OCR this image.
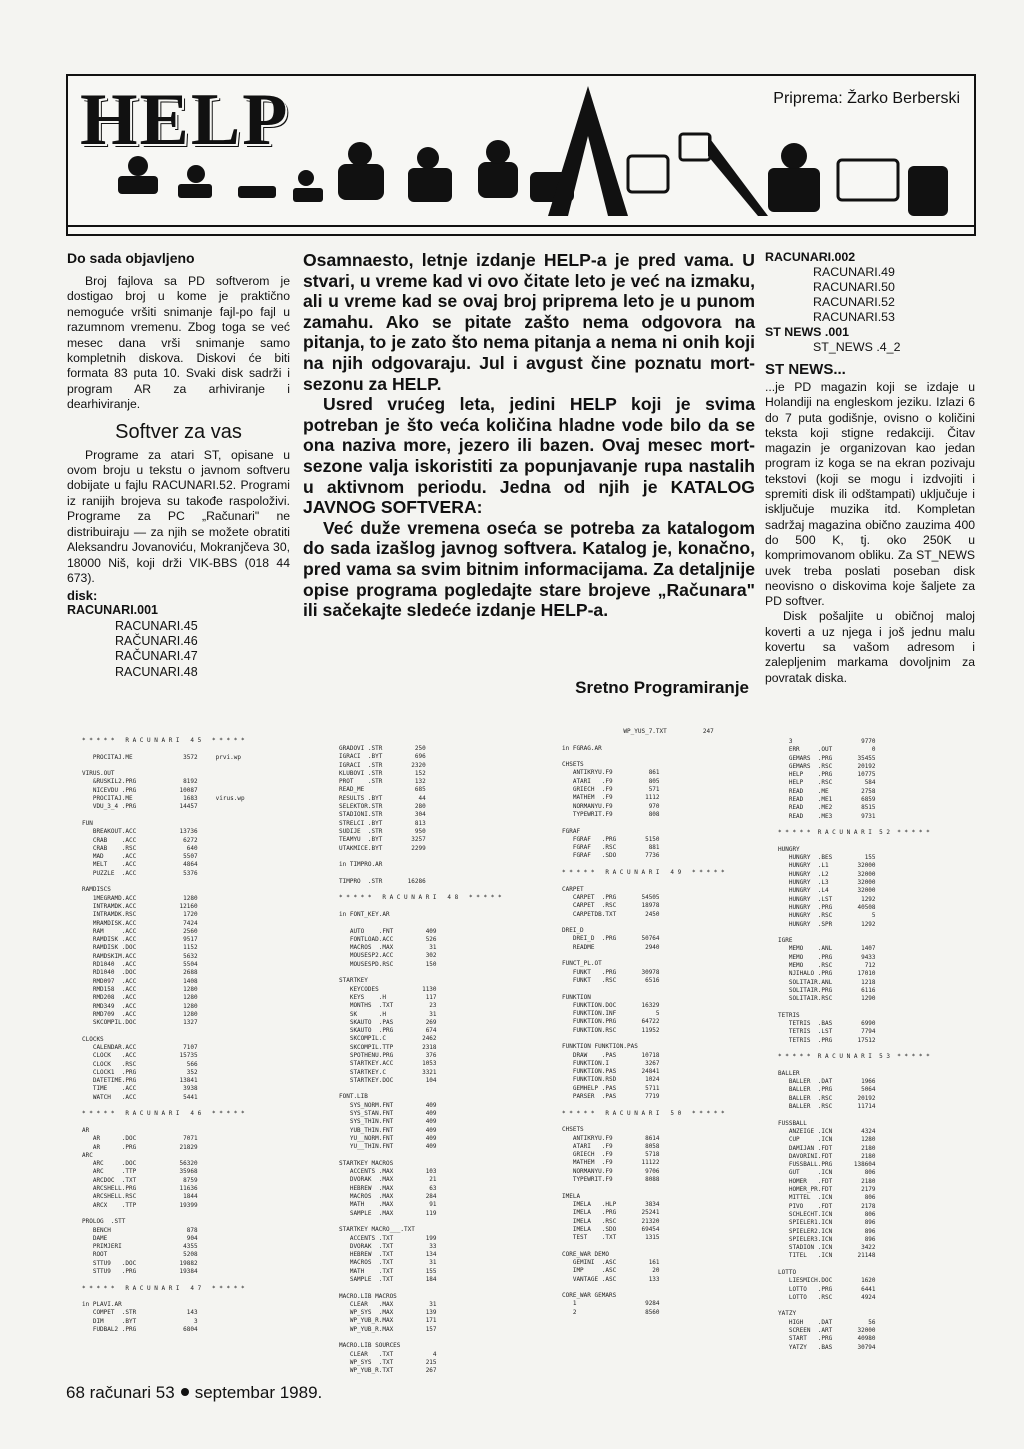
HELP	Priprema: Žarko Berberski
Do sada objavljeno

Broj fajlova sa PD softverom je dostigao broj u kome je praktično nemoguće vršiti snimanje fajl-po fajl u razumnom vremenu. Zbog toga se već mesec dana vrši snimanje samo kompletnih diskova. Diskovi će biti formata 83 puta 10. Svaki disk sadrži i program AR za arhiviranje i dearhiviranje.

Softver za vas

Programe za atari ST, opisane u ovom broju u tekstu o javnom softveru dobijate u fajlu RACUNARI.52. Programi iz ranijih brojeva su takođe raspoloživi. Programe za PC „Računari" ne distribuiraju — za njih se možete obratiti Aleksandru Jovanoviću, Mokranjčeva 30, 18000 Niš, koji drži VIK-BBS (018 44 673).

disk:
RACUNARI.001
RACUNARI.45
RAČUNARI.46
RAČUNARI.47
RACUNARI.48

Osamnaesto, letnje izdanje HELP-a je pred vama. U stvari, u vreme kad vi ovo čitate leto je već na izmaku, ali u vreme kad se ovaj broj priprema leto je u punom zamahu. Ako se pitate zašto nema odgovora na pitanja, to je zato što nema pitanja a nema ni onih koji na njih odgovaraju. Jul i avgust čine poznatu mort-sezonu za HELP.

Usred vrućeg leta, jedini HELP koji je svima potreban je što veća količina hladne vode bilo da se ona naziva more, jezero ili bazen. Ovaj mesec mort-sezone valja iskoristiti za popunjavanje rupa nastalih u aktivnom periodu. Jedna od njih je KATALOG JAVNOG SOFTVERA:

Već duže vremena oseća se potreba za katalogom do sada izašlog javnog softvera. Katalog je, konačno, pred vama sa svim bitnim informacijama. Za detaljnije opise programa pogledajte stare brojeve „Računara" ili sačekajte sledeće izdanje HELP-a.

Sretno Programiranje
RACUNARI.002
RACUNARI.49
RACUNARI.50
RACUNARI.52
RACUNARI.53
ST NEWS .001
ST_NEWS .4_2
ST NEWS...

...je PD magazin koji se izdaje u Holandiji na engleskom jeziku. Izlazi 6 do 7 puta godišnje, ovisno o količini teksta koji stigne redakciji. Čitav magazin je organizovan kao jedan program iz koga se na ekran pozivaju tekstovi (koji se mogu i izdvojiti i spremiti disk ili odštampati) uključuje i isključuje muzika itd. Kompletan sadržaj magazina obično zauzima 400 do 500 K, tj. oko 250K u komprimovanom obliku. Za ST_NEWS uvek treba poslati poseban disk neovisno o diskovima koje šaljete za PD softver.

Disk pošaljite u običnoj maloj koverti a uz njega i još jednu malu kovertu sa vašom adresom i zalepljenim markama dovoljnim za povratak diska.

* * * * *   R A C U N A R I   4 5   * * * * *

PROCITAJ.ME              3572     prvi.wp

VIRUS.OUT
&RUSKIL2.PRG             8192
NICEVDU .PRG            10087
PROCITAJ.ME              1683     virus.wp
VDU_3_4 .PRG            14457

FUN
BREAKOUT.ACC            13736
CRAB    .ACC             6272
CRAB    .RSC              640
MAD     .ACC             5507
MELT    .ACC             4864
PUZZLE  .ACC             5376

RAMDISCS
1MEGRAMD.ACC             1280
INTRAMDK.ACC            12160
INTRAMDK.RSC             1720
MRAMDISK.ACC             7424
RAM     .ACC             2560
RAMDISK .ACC             9517
RAMDISK .DOC             1152
RAMDSKIM.ACC             5632
RD1040  .ACC             5504
RD1040  .DOC             2688
RMD097  .ACC             1408
RMD158  .ACC             1280
RMD208  .ACC             1280
RMD349  .ACC             1280
RMD709  .ACC             1280
SKCOMPIL.DOC             1327

CLOCKS
CALENDAR.ACC             7107
CLOCK   .ACC            15735
CLOCK   .RSC              566
CLOCK1  .PRG              352
DATETIME.PRG            13841
TIME    .ACC             3938
WATCH   .ACC             5441

* * * * *   R A C U N A R I   4 6   * * * * *

AR
AR      .DOC             7071
AR      .PRG            21829
ARC
ARC     .DOC            56320
ARC     .TTP            35968
ARCDOC  .TXT             8759
ARCSHELL.PRG            11636
ARCSHELL.RSC             1844
ARCX    .TTP            19399

PROLOG  .STT
BENCH                     878
DAME                      904
PRIMJERI                 4355
ROOT                     5208
STTU9   .DOC            19882
STTU9   .PRG            19384

* * * * *   R A C U N A R I   4 7   * * * * *

in PLAVI.AR
COMPET  .STR              143
DIM     .BYT                3
FUDBAL2 .PRG             6804
GRADOVI .STR         250
IGRACI  .BYT         696
IGRACI  .STR        2320
KLUBOVI .STR         152
PROT    .STR         132
READ_ME              685
RESULTS .BYT          44
SELEKTOR.STR         280
STADIONI.STR         304
STRELCI .BYT         813
SUDIJE  .STR         950
TEAMYU  .BYT        3257
UTAKMICE.BYT        2299

in TIMPRO.AR

TIMPRO  .STR       16286

* * * * *   R A C U N A R I   4 8   * * * * *

in FONT_KEY.AR

AUTO    .FNT         409
FONTLOAD.ACC         526
MACROS  .MAX          31
MOUSESP2.ACC         302
MOUSESPD.RSC         150

STARTKEY
KEYCODES            1130
KEYS    .H           117
MONTHS  .TXT          23
SK      .H            31
SKAUTO  .PAS         269
SKAUTO  .PRG         674
SKCOMPIL.C          2462
SKCOMPIL.TTP        2318
SPOTHENU.PRG         376
STARTKEY.ACC        1053
STARTKEY.C          3321
STARTKEY.DOC         104

FONT.LIB
SYS_NORM.FNT         409
SYS_STAN.FNT         409
SYS_THIN.FNT         409
YUB_THIN.FNT         409
YU__NORM.FNT         409
YU__THIN.FNT         409

STARTKEY MACROS
ACCENTS .MAX         103
DVORAK  .MAX          21
HEBREW  .MAX          63
MACROS  .MAX         284
MATH    .MAX          91
SAMPLE  .MAX         119

STARTKEY MACRO___.TXT
ACCENTS .TXT         199
DVORAK  .TXT          33
HEBREW  .TXT         134
MACROS  .TXT          31
MATH    .TXT         155
SAMPLE  .TXT         184

MACRO.LIB MACROS
CLEAR   .MAX          31
WP_SYS  .MAX         139
WP_YUB_R.MAX         171
WP_YUB_R.MAX         157

MACRO.LIB SOURCES
CLEAR   .TXT           4
WP_SYS  .TXT         215
WP_YUB_R.TXT         267
WP_YUS_7.TXT          247

in FGRAG.AR

CHSETS
ANTIKRYU.F9          861
ATARI   .F9          805
GRIECH  .F9          571
MATHEM  .F9         1112
NORMANYU.F9          970
TYPEWRIT.F9          808

FGRAF
FGRAF   .PRG        5150
FGRAF   .RSC         881
FGRAF   .SDO        7736

* * * * *   R A C U N A R I   4 9   * * * * *

CARPET
CARPET  .PRG       54505
CARPET  .RSC       18978
CARPETDB.TXT        2450

DREI_D
DREI_D  .PRG       50764
README              2940

FUNCT_PL.OT
FUNKT   .PRG       30978
FUNKT   .RSC        6516

FUNKTION
FUNKTION.DOC       16329
FUNKTION.INF           5
FUNKTION.PRG       64722
FUNKTION.RSC       11952

FUNKTION FUNKTION.PAS
DRAW    .PAS       10718
FUNKTION.I          3267
FUNKTION.PAS       24841
FUNKTION.RSD        1024
GEMHELP .PAS        5711
PARSER  .PAS        7719

* * * * *   R A C U N A R I   5 0   * * * * *

CHSETS
ANTIKRYU.F9         8614
ATARI   .F9         8058
GRIECH  .F9         5718
MATHEM  .F9        11122
NORMANYU.F9         9706
TYPEWRIT.F9         8088

IMELA
IMELA   .HLP        3834
IMELA   .PRG       25241
IMELA   .RSC       21320
IMELA   .SDO       69454
TEST    .TXT        1315

CORE_WAR DEMO
GEMINI  .ASC         161
IMP     .ASC          20
VANTAGE .ASC         133

CORE_WAR GEMARS
1                   9284
2                   8560
3                   9770
ERR     .OUT           0
GEMARS  .PRG       35455
GEMARS  .RSC       20192
HELP    .PRG       10775
HELP    .RSC         584
READ    .ME         2758
READ    .ME1        6859
READ    .ME2        8515
READ    .ME3        9731

* * * * *  R A C U N A R I  5 2  * * * * *

HUNGRY
HUNGRY  .BES         155
HUNGRY  .L1        32000
HUNGRY  .L2        32000
HUNGRY  .L3        32000
HUNGRY  .L4        32000
HUNGRY  .LST        1292
HUNGRY  .PRG       40508
HUNGRY  .RSC           5
HUNGRY  .SPR        1292

IGRE
MEMO    .ANL        1407
MEMO    .PRG        9433
MEMO    .RSC         712
NJIHALO .PRG       17010
SOLITAIR.ANL        1218
SOLITAIR.PRG        6116
SOLITAIR.RSC        1290

TETRIS
TETRIS  .BAS        6990
TETRIS  .LST        7794
TETRIS  .PRG       17512

* * * * *  R A C U N A R I  5 3  * * * * *

BALLER
BALLER  .DAT        1966
BALLER  .PRG        5064
BALLER  .RSC       20192
BALLER  .RSC       11714

FUSSBALL
ANZEIGE .ICN        4324
CUP     .ICN        1280
DAMIJAN .FDT        2180
DAVORINI.FDT        2180
FUSSBALL.PRG      138604
GUT     .ICN         806
HOMER   .FDT        2180
HOMER_PR.FDT        2179
MITTEL  .ICN         806
PIVO    .FDT        2178
SCHLECHT.ICN         806
SPIELER1.ICN         896
SPIELER2.ICN         896
SPIELER3.ICN         896
STADION .ICN        3422
TITEL   .ICN       21148

LOTTO
LIESMICH.DOC        1620
LOTTO   .PRG        6441
LOTTO   .RSC        4924

YATZY
HIGH    .DAT          56
SCREEN  .ART       32000
START   .PRG       40980
YATZY   .BAS       30794
68 računari 53 septembar 1989.
